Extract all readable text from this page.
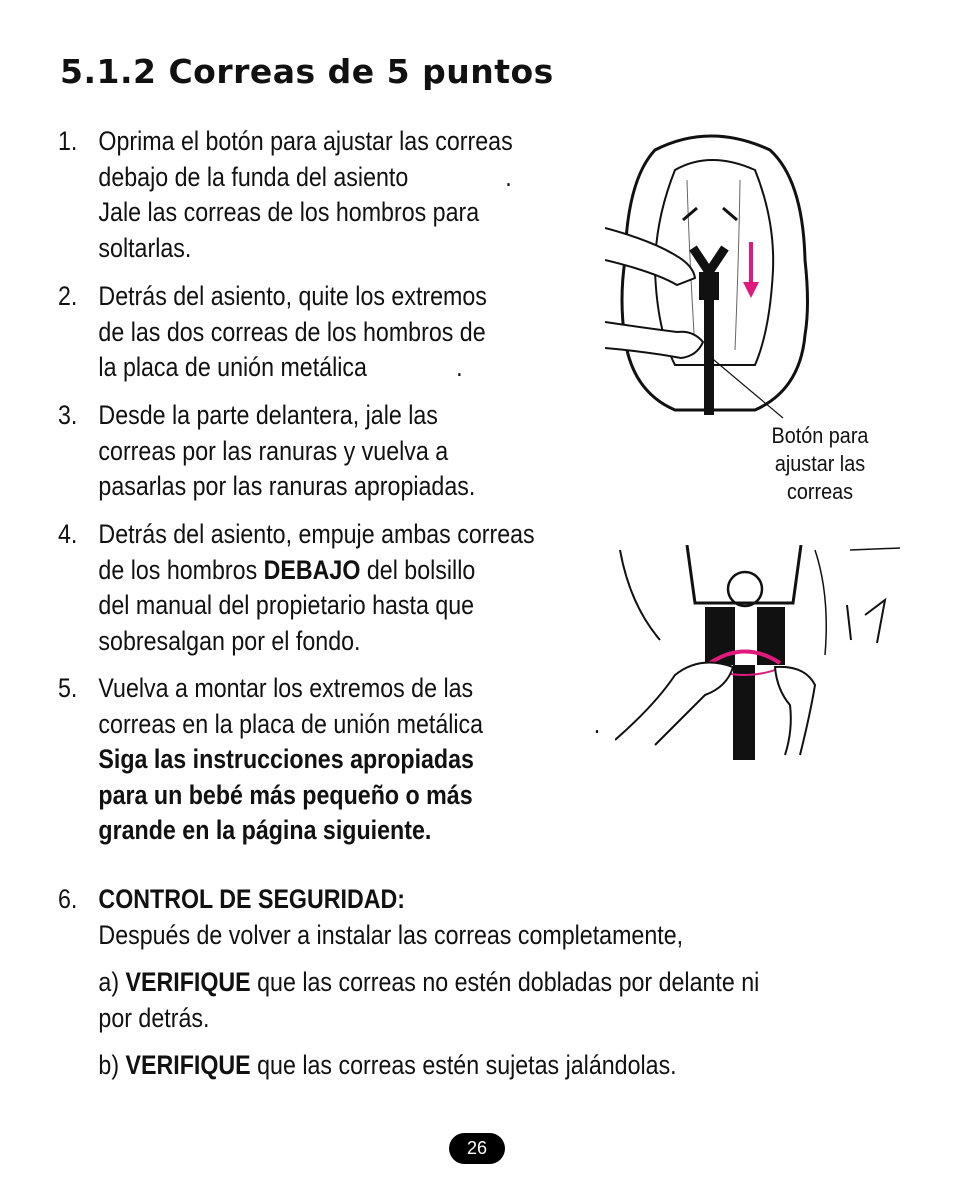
5.1.2 Correas de 5 puntos
1. Oprima el botón para ajustar las correas
debajo de la funda del asiento
Jale las correas de los hombros para
soltarlas.
.
2. Detrás del asiento, quite los extremos
de las dos correas de los hombros de
la placa de unión metálica	.
3. Desde la parte delantera, jale las
correas por las ranuras y vuelva a
pasarlas por las ranuras apropiadas.
4. Detrás del asiento, empuje ambas correas
de los hombros DEBAJO del bolsillo
del manual del propietario hasta que
sobresalgan por el fondo.
5. Vuelva a montar los extremos de las
correas en la placa de unión metálica
Siga las instrucciones apropiadas
para un bebé más pequeño o más
grande en la página siguiente.
.
6. CONTROL DE SEGURIDAD:
Después de volver a instalar las correas completamente,
a) VERIFIQUE que las correas no estén dobladas por delante ni
por detrás.
b) VERIFIQUE que las correas estén sujetas jalándolas.
Botón para
ajustar las
correas
26
